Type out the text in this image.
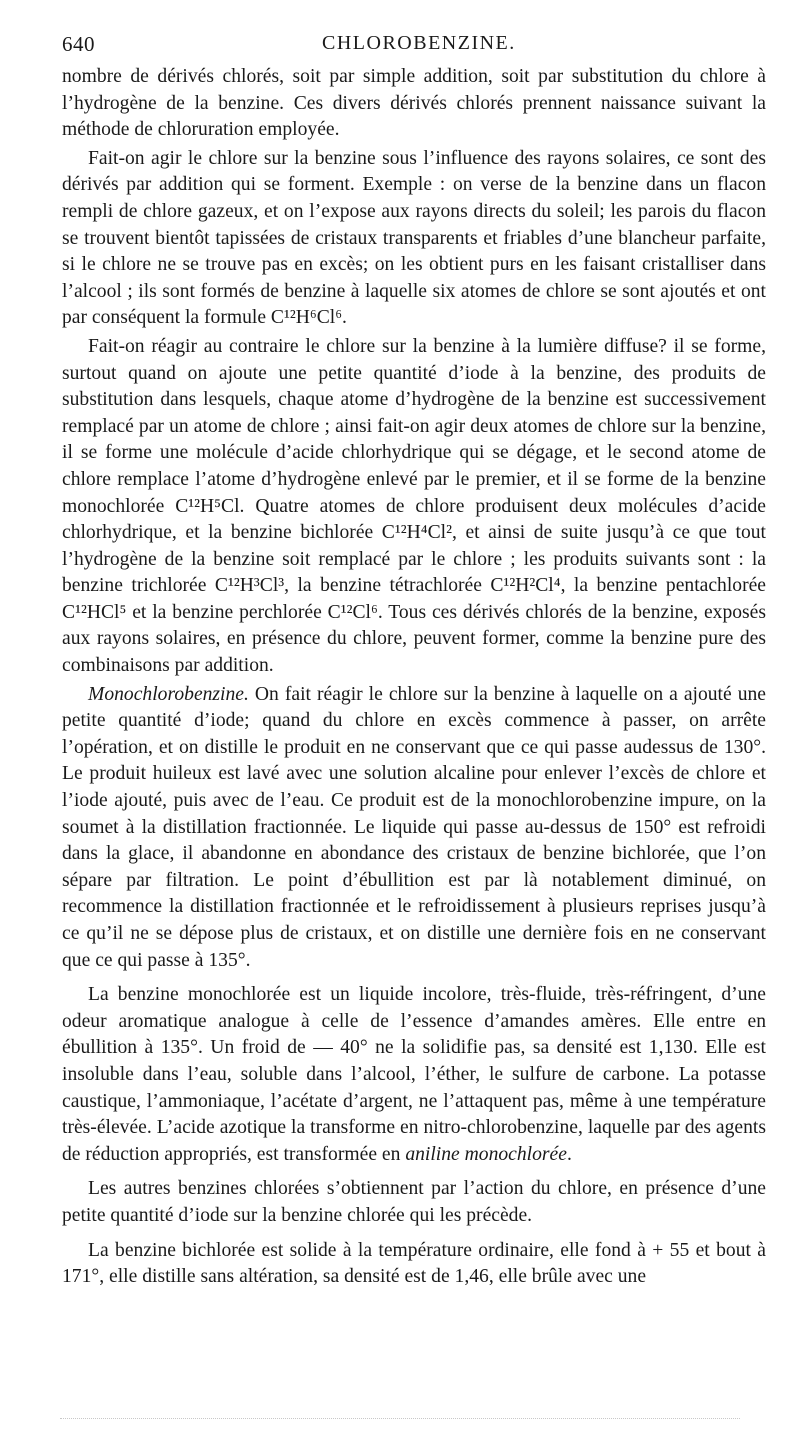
640	CHLOROBENZINE.

nombre de dérivés chlorés, soit par simple addition, soit par substitution du chlore à l’hydrogène de la benzine. Ces divers dérivés chlorés prennent naissance suivant la méthode de chloruration employée.

Fait-on agir le chlore sur la benzine sous l’influence des rayons solaires, ce sont des dérivés par addition qui se forment. Exemple : on verse de la benzine dans un flacon rempli de chlore gazeux, et on l’expose aux rayons directs du soleil; les parois du flacon se trouvent bientôt tapissées de cristaux transparents et friables d’une blancheur parfaite, si le chlore ne se trouve pas en excès; on les obtient purs en les faisant cristalliser dans l’alcool ; ils sont formés de benzine à laquelle six atomes de chlore se sont ajoutés et ont par conséquent la formule C¹²H⁶Cl⁶.

Fait-on réagir au contraire le chlore sur la benzine à la lumière diffuse? il se forme, surtout quand on ajoute une petite quantité d’iode à la benzine, des produits de substitution dans lesquels, chaque atome d’hydrogène de la benzine est successivement remplacé par un atome de chlore ; ainsi fait-on agir deux atomes de chlore sur la benzine, il se forme une molécule d’acide chlorhydrique qui se dégage, et le second atome de chlore remplace l’atome d’hydrogène enlevé par le premier, et il se forme de la benzine monochlorée C¹²H⁵Cl. Quatre atomes de chlore produisent deux molécules d’acide chlorhydrique, et la benzine bichlorée C¹²H⁴Cl², et ainsi de suite jusqu’à ce que tout l’hydrogène de la benzine soit remplacé par le chlore ; les produits suivants sont : la benzine trichlorée C¹²H³Cl³, la benzine tétrachlorée C¹²H²Cl⁴, la benzine pentachlorée C¹²HCl⁵ et la benzine perchlorée C¹²Cl⁶. Tous ces dérivés chlorés de la benzine, exposés aux rayons solaires, en présence du chlore, peuvent former, comme la benzine pure des combinaisons par addition.

Monochlorobenzine. On fait réagir le chlore sur la benzine à laquelle on a ajouté une petite quantité d’iode; quand du chlore en excès commence à passer, on arrête l’opération, et on distille le produit en ne conservant que ce qui passe audessus de 130°. Le produit huileux est lavé avec une solution alcaline pour enlever l’excès de chlore et l’iode ajouté, puis avec de l’eau. Ce produit est de la monochlorobenzine impure, on la soumet à la distillation fractionnée. Le liquide qui passe au-dessus de 150° est refroidi dans la glace, il abandonne en abondance des cristaux de benzine bichlorée, que l’on sépare par filtration. Le point d’ébullition est par là notablement diminué, on recommence la distillation fractionnée et le refroidissement à plusieurs reprises jusqu’à ce qu’il ne se dépose plus de cristaux, et on distille une dernière fois en ne conservant que ce qui passe à 135°.

La benzine monochlorée est un liquide incolore, très-fluide, très-réfringent, d’une odeur aromatique analogue à celle de l’essence d’amandes amères. Elle entre en ébullition à 135°. Un froid de — 40° ne la solidifie pas, sa densité est 1,130. Elle est insoluble dans l’eau, soluble dans l’alcool, l’éther, le sulfure de carbone. La potasse caustique, l’ammoniaque, l’acétate d’argent, ne l’attaquent pas, même à une température très-élevée. L’acide azotique la transforme en nitro-chlorobenzine, laquelle par des agents de réduction appropriés, est transformée en aniline monochlorée.

Les autres benzines chlorées s’obtiennent par l’action du chlore, en présence d’une petite quantité d’iode sur la benzine chlorée qui les précède.

La benzine bichlorée est solide à la température ordinaire, elle fond à + 55 et bout à 171°, elle distille sans altération, sa densité est de 1,46, elle brûle avec une
